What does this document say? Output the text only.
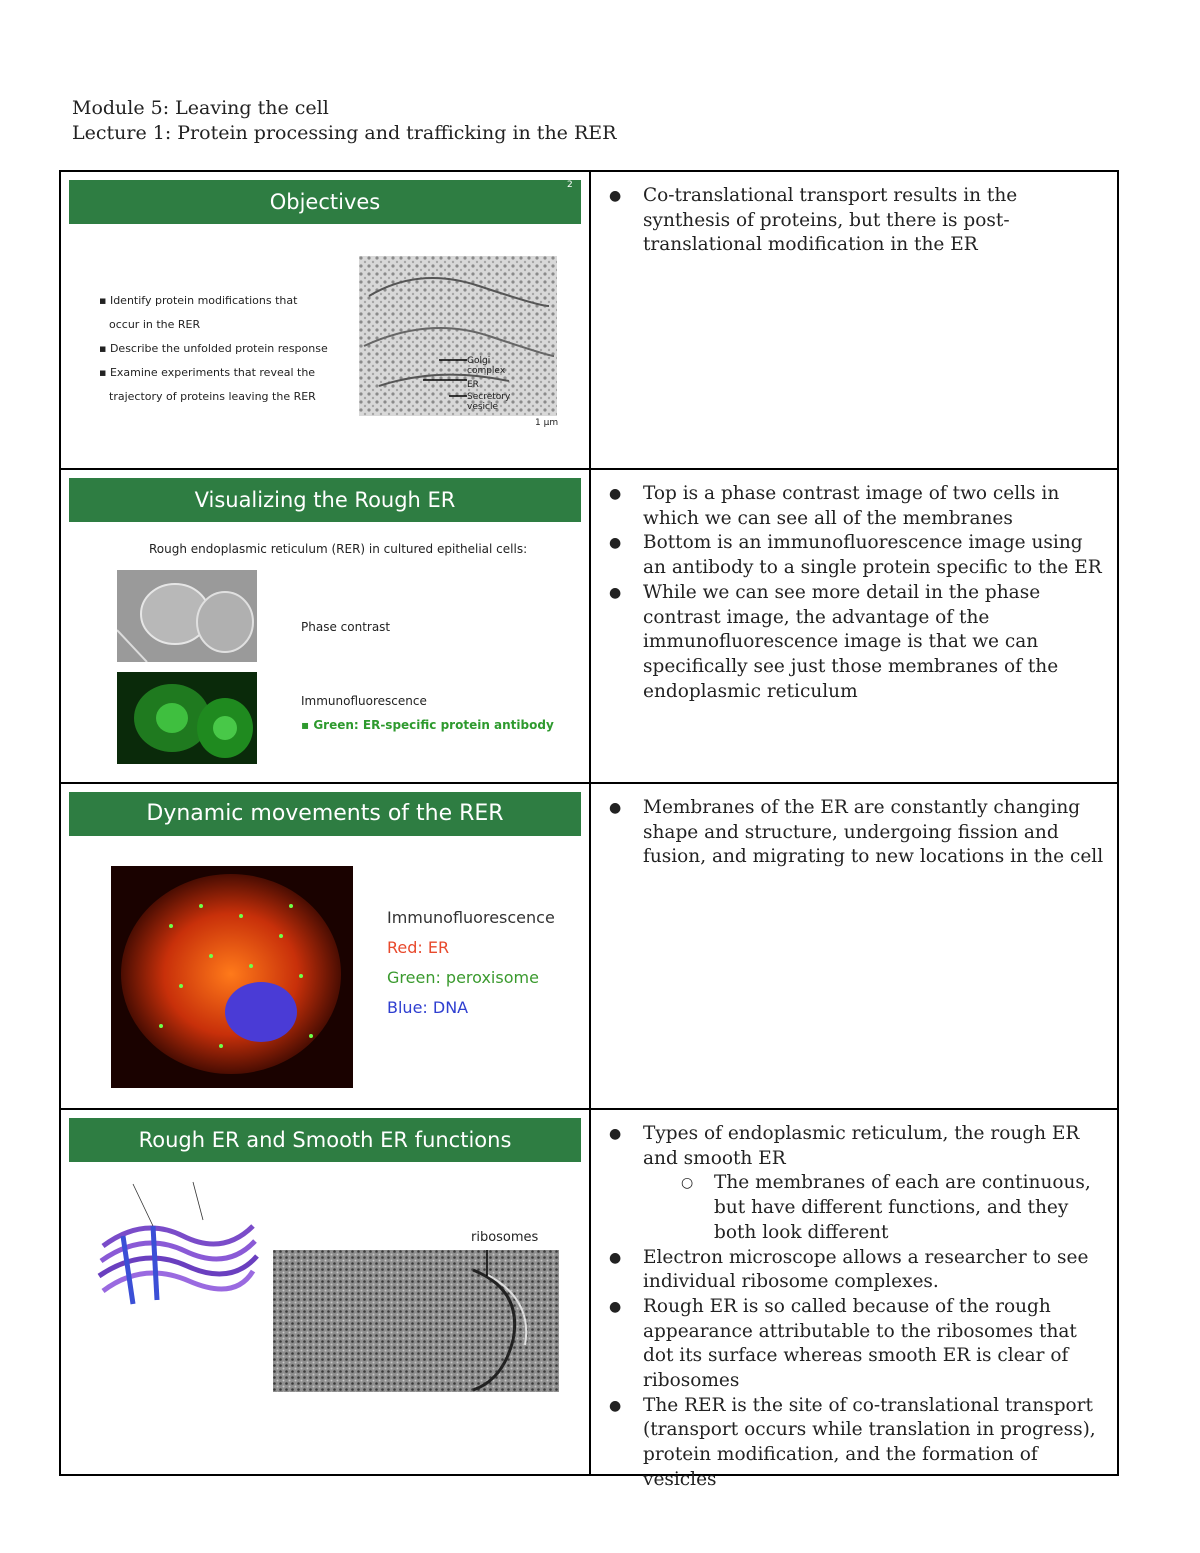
Module 5: Leaving the cell
Lecture 1: Protein processing and trafficking in the RER
Objectives
2
▪ Identify protein modifications that
occur in the RER
▪ Describe the unfolded protein response
▪ Examine experiments that reveal the
trajectory of proteins leaving the RER
Golgi complex
ER
Secretory vesicle
1 μm
● Co-translational transport results in the synthesis of proteins, but there is post-translational modification in the ER
Visualizing the Rough ER
Rough endoplasmic reticulum (RER) in cultured epithelial cells:
Phase contrast
Immunofluorescence
▪ Green: ER-specific protein antibody
● Top is a phase contrast image of two cells in which we can see all of the membranes
● Bottom is an immunofluorescence image using an antibody to a single protein specific to the ER
● While we can see more detail in the phase contrast image, the advantage of the immunofluorescence image is that we can specifically see just those membranes of the endoplasmic reticulum
Dynamic movements of the RER
Immunofluorescence
Red: ER
Green: peroxisome
Blue: DNA
● Membranes of the ER are constantly changing shape and structure, undergoing fission and fusion, and migrating to new locations in the cell
Rough ER and Smooth ER functions
ribosomes
● Types of endoplasmic reticulum, the rough ER and smooth ER
○ The membranes of each are continuous, but have different functions, and they both look different
● Electron microscope allows a researcher to see individual ribosome complexes.
● Rough ER is so called because of the rough appearance attributable to the ribosomes that dot its surface whereas smooth ER is clear of ribosomes
● The RER is the site of co-translational transport (transport occurs while translation in progress), protein modification, and the formation of vesicles
